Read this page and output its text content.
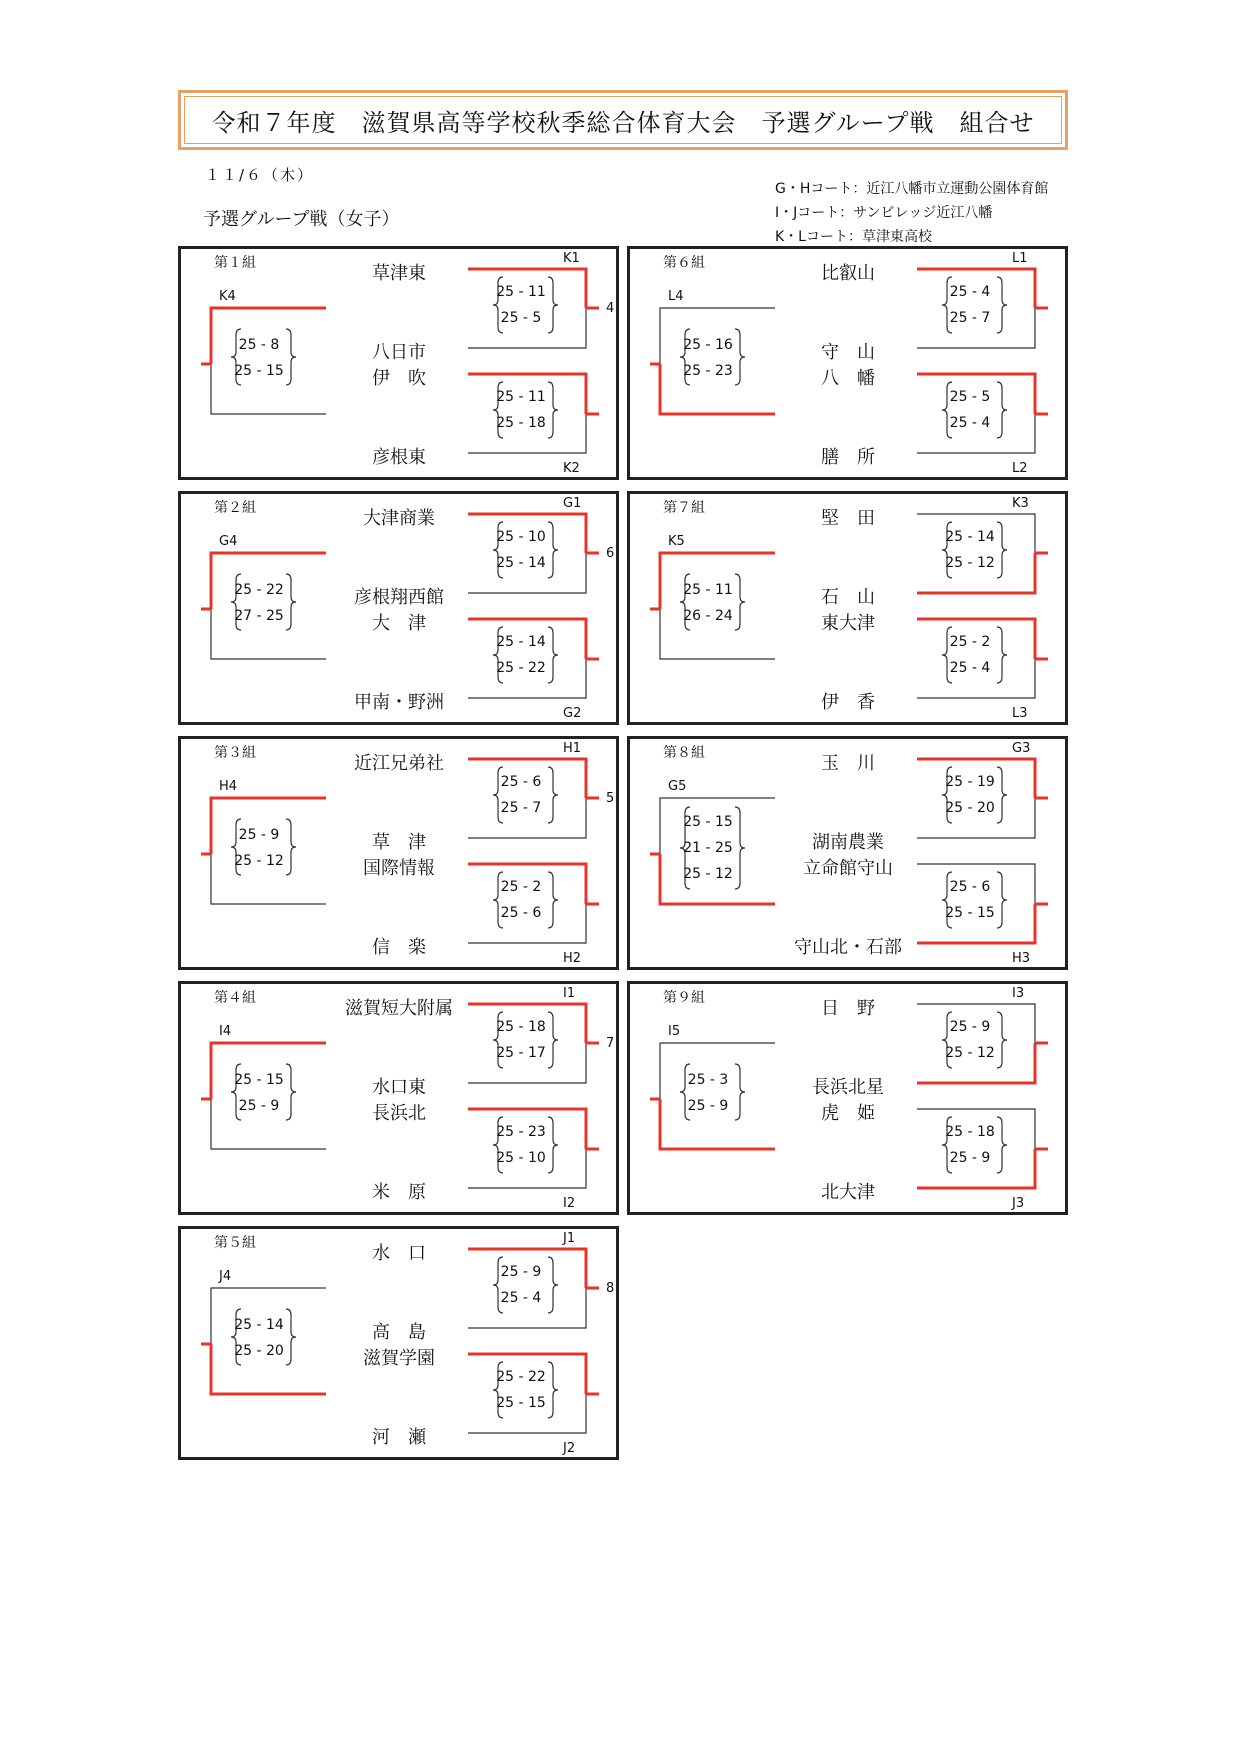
令和７年度　滋賀県高等学校秋季総合体育大会　予選グループ戦　組合せ
１１/６（木）
予選グループ戦（女子）
G・Hコート：近江八幡市立運動公園体育館
I・Jコート：サンビレッジ近江八幡
K・Lコート：草津東高校
第１組	草津東
八日市
伊　吹
彦根東
K1
K2
K4
4
25 - 11
25 - 5
25 - 11
25 - 18
25 - 8
25 - 15
第２組	大津商業
彦根翔西館
大　津
甲南・野洲
G1
G2
G4
6
25 - 10
25 - 14
25 - 14
25 - 22
25 - 22
27 - 25
第３組	近江兄弟社
草　津
国際情報
信　楽
H1
H2
H4
5
25 - 6
25 - 7
25 - 2
25 - 6
25 - 9
25 - 12
第４組	滋賀短大附属
水口東
長浜北
米　原
I1
I2
I4
7
25 - 18
25 - 17
25 - 23
25 - 10
25 - 15
25 - 9
第５組	水　口
高　島
滋賀学園
河　瀬
J1
J2
J4
8
25 - 9
25 - 4
25 - 22
25 - 15
25 - 14
25 - 20
第６組	比叡山
守　山
八　幡
膳　所
L1
L2
L4	25 - 4
25 - 7
25 - 5
25 - 4
25 - 16
25 - 23
第７組	堅　田
石　山
東大津
伊　香
K3
L3
K5	25 - 14
25 - 12
25 - 2
25 - 4
25 - 11
26 - 24
第８組	玉　川
湖南農業
立命館守山
守山北・石部
G3
H3
G5	25 - 19
25 - 20
25 - 6
25 - 15
25 - 15
21 - 25
25 - 12
第９組	日　野
長浜北星
虎　姫
北大津
I3
J3
I5	25 - 9
25 - 12
25 - 18
25 - 9
25 - 3
25 - 9
